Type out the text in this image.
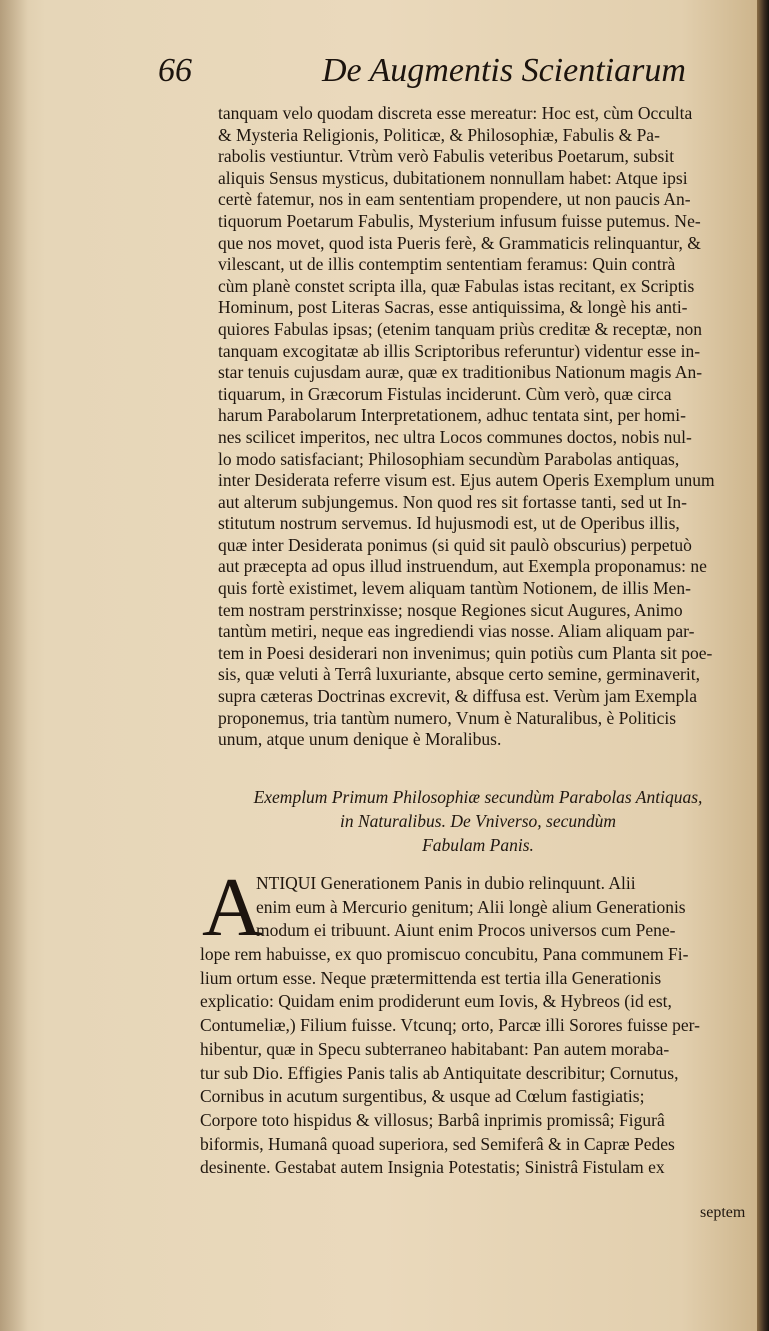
66	De Augmentis Scientiarum
tanquam velo quodam discreta esse mereatur: Hoc est, cùm Occulta
& Mysteria Religionis, Politicæ, & Philosophiæ, Fabulis & Pa-
rabolis vestiuntur. Vtrùm verò Fabulis veteribus Poetarum, subsit
aliquis Sensus mysticus, dubitationem nonnullam habet: Atque ipsi
certè fatemur, nos in eam sententiam propendere, ut non paucis An-
tiquorum Poetarum Fabulis, Mysterium infusum fuisse putemus. Ne-
que nos movet, quod ista Pueris ferè, & Grammaticis relinquantur, &
vilescant, ut de illis contemptim sententiam feramus: Quin contrà
cùm planè constet scripta illa, quæ Fabulas istas recitant, ex Scriptis
Hominum, post Literas Sacras, esse antiquissima, & longè his anti-
quiores Fabulas ipsas; (etenim tanquam priùs creditæ & receptæ, non
tanquam excogitatæ ab illis Scriptoribus referuntur) videntur esse in-
star tenuis cujusdam auræ, quæ ex traditionibus Nationum magis An-
tiquarum, in Græcorum Fistulas inciderunt. Cùm verò, quæ circa
harum Parabolarum Interpretationem, adhuc tentata sint, per homi-
nes scilicet imperitos, nec ultra Locos communes doctos, nobis nul-
lo modo satisfaciant; Philosophiam secundùm Parabolas antiquas,
inter Desiderata referre visum est. Ejus autem Operis Exemplum unum
aut alterum subjungemus. Non quod res sit fortasse tanti, sed ut In-
stitutum nostrum servemus. Id hujusmodi est, ut de Operibus illis,
quæ inter Desiderata ponimus (si quid sit paulò obscurius) perpetuò
aut præcepta ad opus illud instruendum, aut Exempla proponamus: ne
quis fortè existimet, levem aliquam tantùm Notionem, de illis Men-
tem nostram perstrinxisse; nosque Regiones sicut Augures, Animo
tantùm metiri, neque eas ingrediendi vias nosse. Aliam aliquam par-
tem in Poesi desiderari non invenimus; quin potiùs cum Planta sit poe-
sis, quæ veluti à Terrâ luxuriante, absque certo semine, germinaverit,
supra cæteras Doctrinas excrevit, & diffusa est. Verùm jam Exempla
proponemus, tria tantùm numero, Vnum è Naturalibus, è Politicis
unum, atque unum denique è Moralibus.
Exemplum Primum Philosophiæ secundùm Parabolas Antiquas,
in Naturalibus. De Vniverso, secundùm
Fabulam Panis.
A
NTIQUI Generationem Panis in dubio relinquunt. Alii
enim eum à Mercurio genitum; Alii longè alium Generationis
modum ei tribuunt. Aiunt enim Procos universos cum Pene-
lope rem habuisse, ex quo promiscuo concubitu, Pana communem Fi-
lium ortum esse. Neque prætermittenda est tertia illa Generationis
explicatio: Quidam enim prodiderunt eum Iovis, & Hybreos (id est,
Contumeliæ,) Filium fuisse. Vtcunq; orto, Parcæ illi Sorores fuisse per-
hibentur, quæ in Specu subterraneo habitabant: Pan autem moraba-
tur sub Dio. Effigies Panis talis ab Antiquitate describitur; Cornutus,
Cornibus in acutum surgentibus, & usque ad Cœlum fastigiatis;
Corpore toto hispidus & villosus; Barbâ inprimis promissâ; Figurâ
biformis, Humanâ quoad superiora, sed Semiferâ & in Capræ Pedes
desinente. Gestabat autem Insignia Potestatis; Sinistrâ Fistulam ex
septem
